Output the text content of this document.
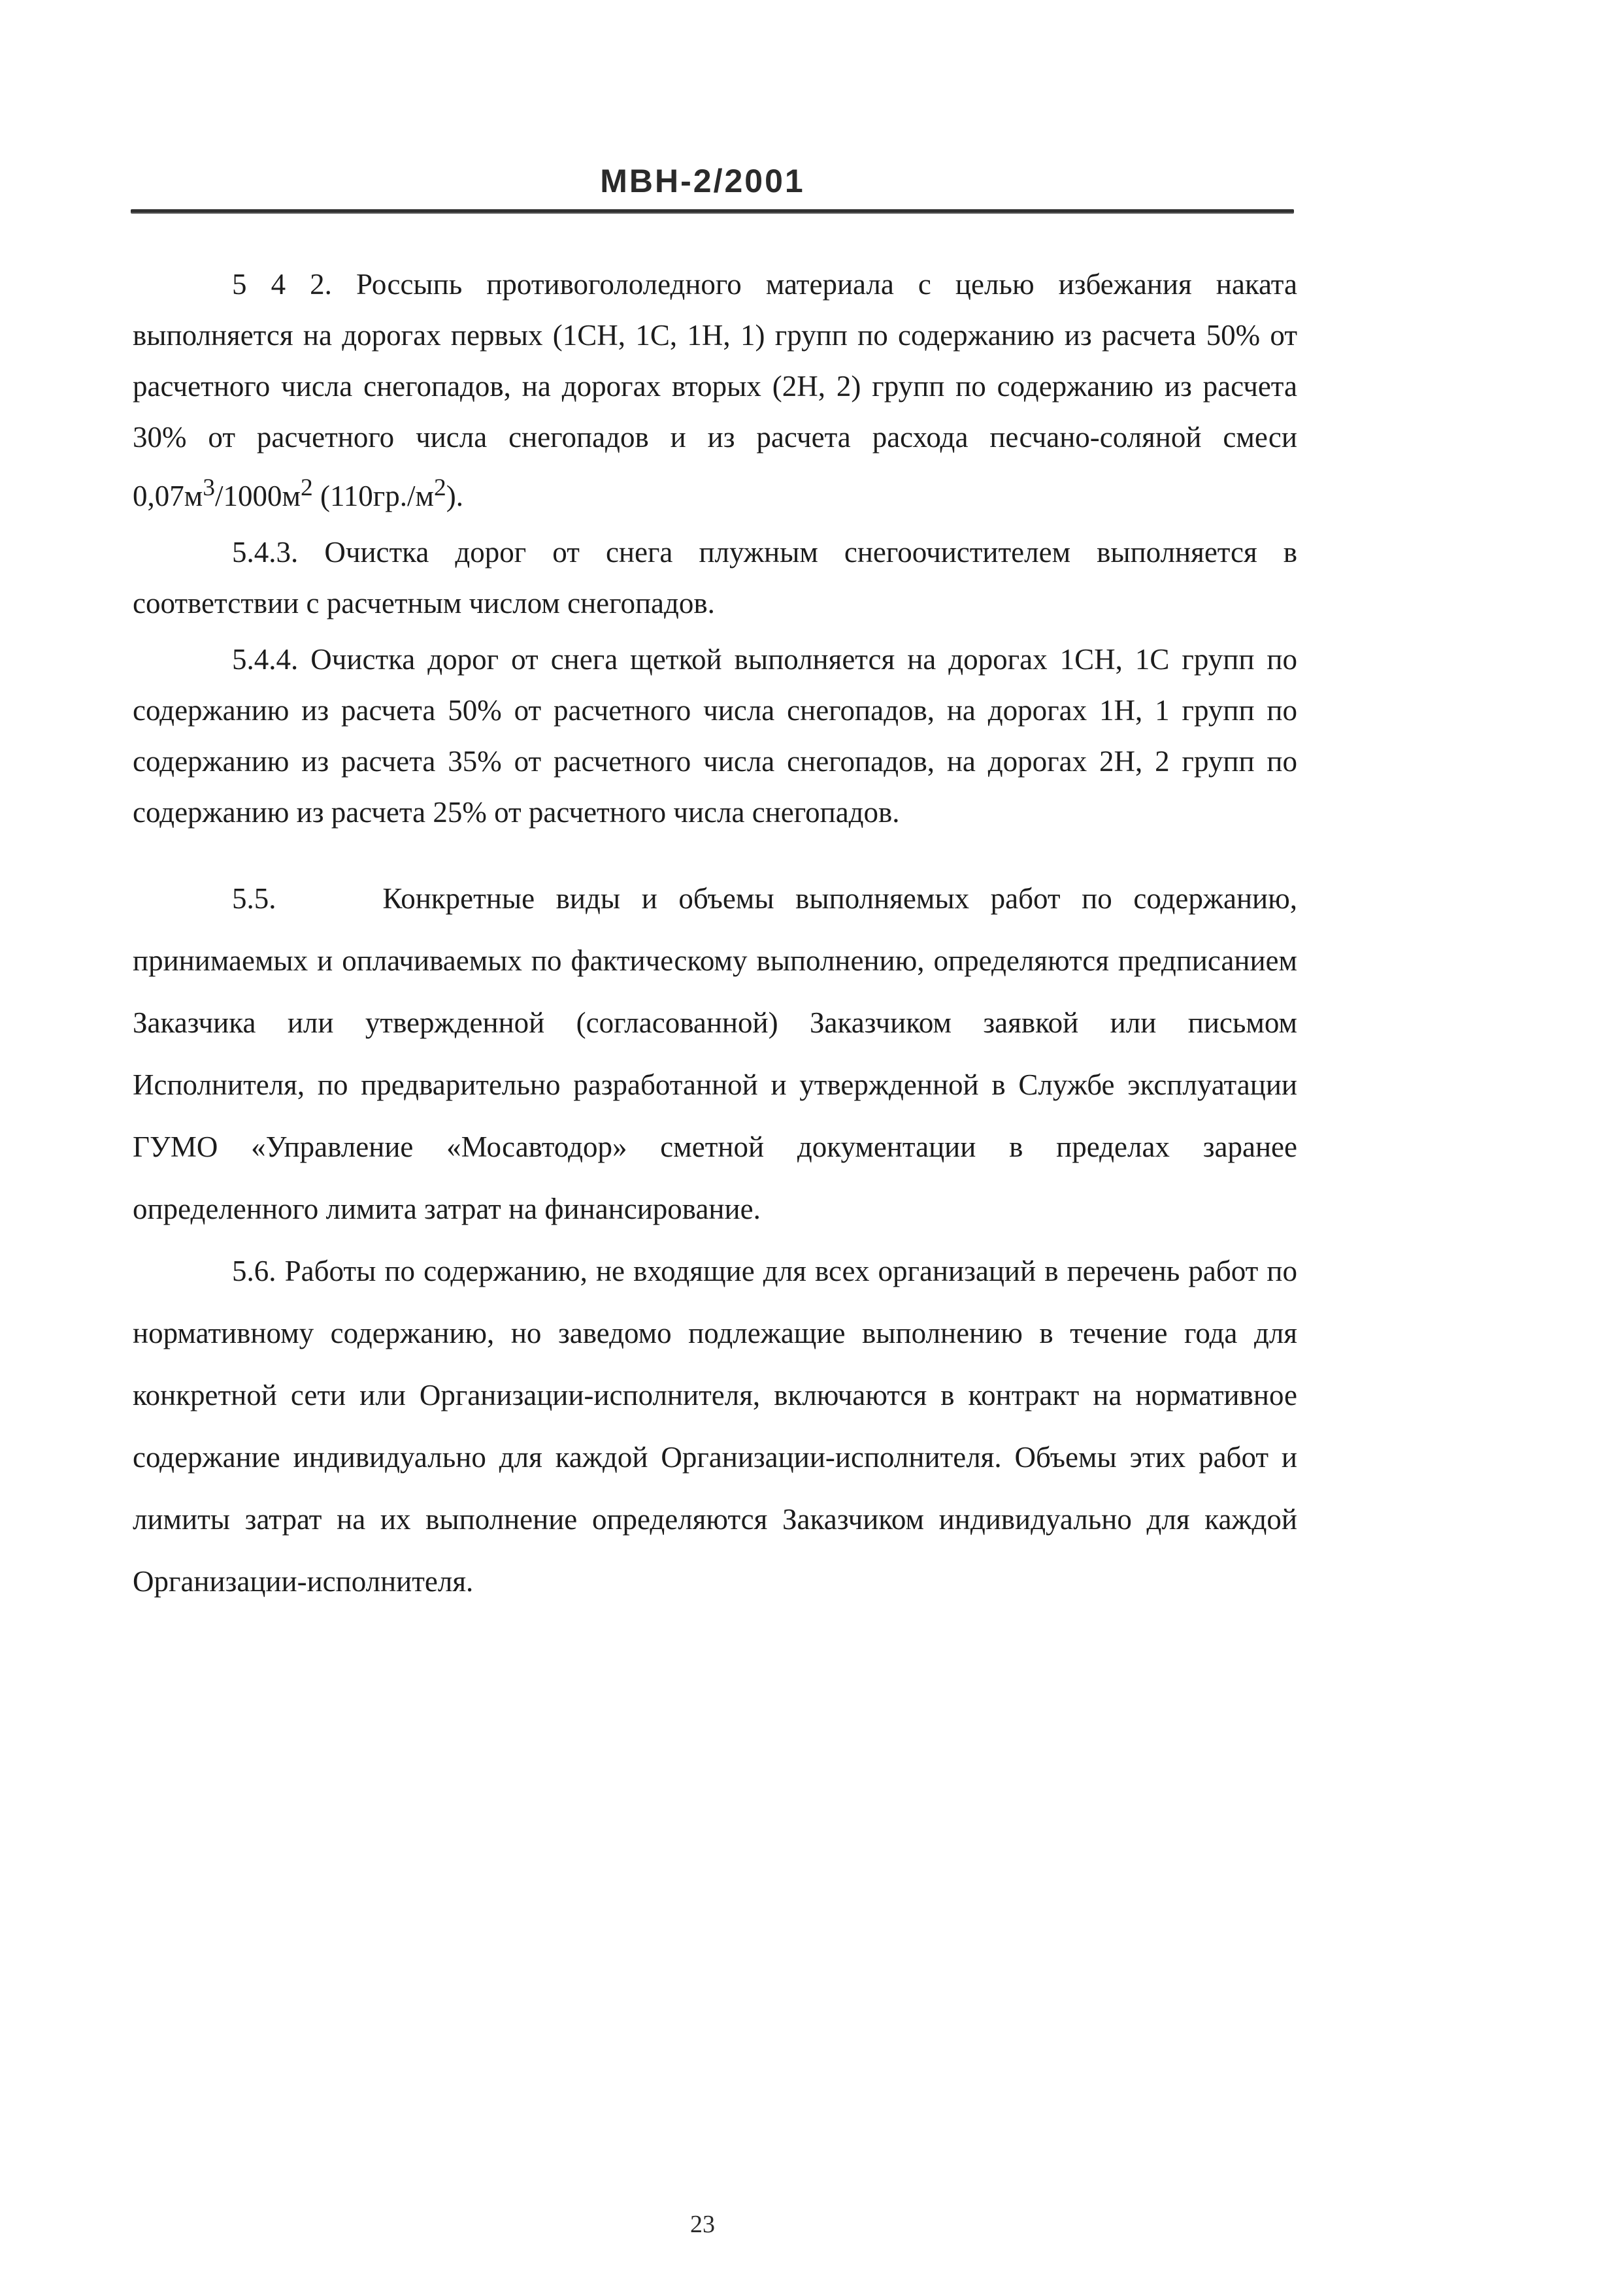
МВН-2/2001

5 4 2. Россыпь противогололедного материала с целью избежания наката выполняется на дорогах первых (1СН, 1С, 1Н, 1) групп по содержанию из расчета 50% от расчетного числа снегопадов, на дорогах вторых (2Н, 2) групп по содержанию из расчета 30% от расчетного числа снегопадов и из расчета расхода песчано-соляной смеси $0,07м^3/1000м^2$ $(110гр./м^2)$.

5.4.3. Очистка дорог от снега плужным снегоочистителем выполняется в соответствии с расчетным числом снегопадов.

5.4.4. Очистка дорог от снега щеткой выполняется на дорогах 1СН, 1С групп по содержанию из расчета 50% от расчетного числа снегопадов, на дорогах 1Н, 1 групп по содержанию из расчета 35% от расчетного числа снегопадов, на дорогах 2Н, 2 групп по содержанию из расчета 25% от расчетного числа снегопадов.

5.5.     Конкретные виды и объемы выполняемых работ по содержанию, принимаемых и оплачиваемых по фактическому выполнению, определяются предписанием Заказчика или утвержденной (согласованной) Заказчиком заявкой или письмом Исполнителя, по предварительно разработанной и утвержденной в Службе эксплуатации ГУМО «Управление «Мосавтодор» сметной документации в пределах заранее определенного лимита затрат на финансирование.

5.6. Работы по содержанию, не входящие для всех организаций в перечень работ по нормативному содержанию, но заведомо подлежащие выполнению в течение года для конкретной сети или Организации-исполнителя, включаются в контракт на нормативное содержание индивидуально для каждой Организации-исполнителя. Объемы этих работ и лимиты затрат на их выполнение определяются Заказчиком индивидуально для каждой Организации-исполнителя.

23
